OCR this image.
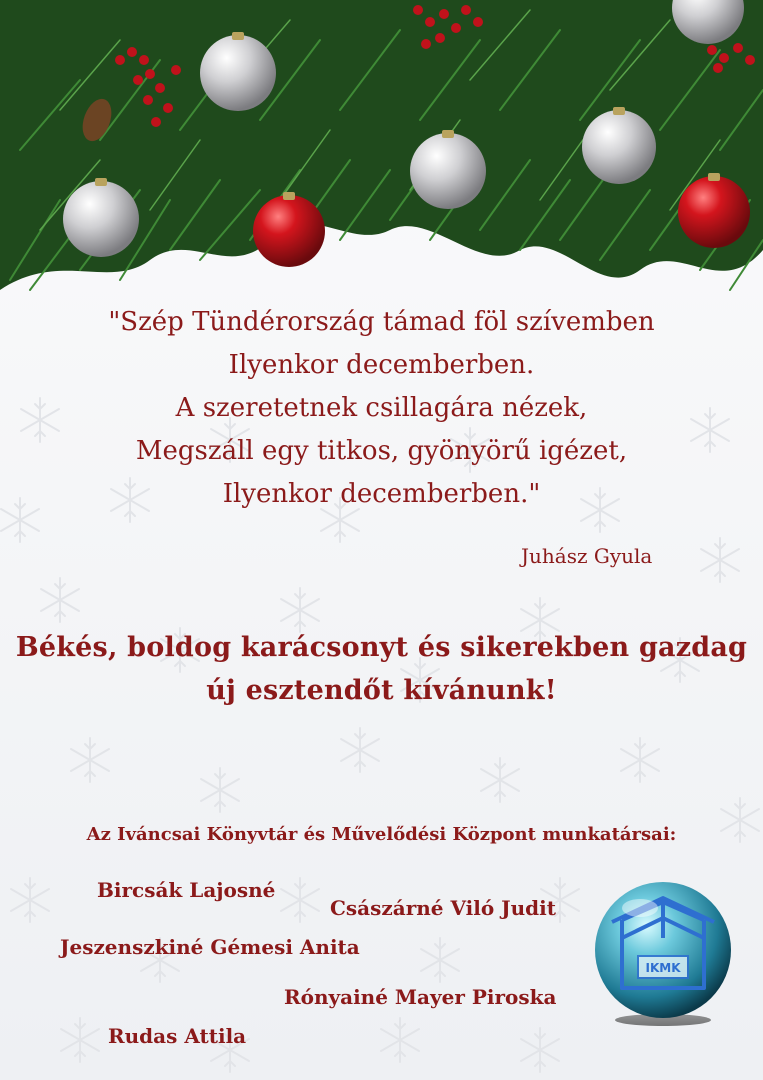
"Szép Tündérország támad föl szívemben
Ilyenkor decemberben.
A szeretetnek csillagára nézek,
Megszáll egy titkos, gyönyörű igézet,
Ilyenkor decemberben."
Juhász Gyula
Békés, boldog karácsonyt és sikerekben gazdag
új esztendőt kívánunk!
Az Iváncsai Könyvtár és Művelődési Központ munkatársai:
Bircsák Lajosné
Császárné Viló Judit
Jeszenszkiné Gémesi Anita
Rónyainé Mayer Piroska
Rudas Attila
IKMK
